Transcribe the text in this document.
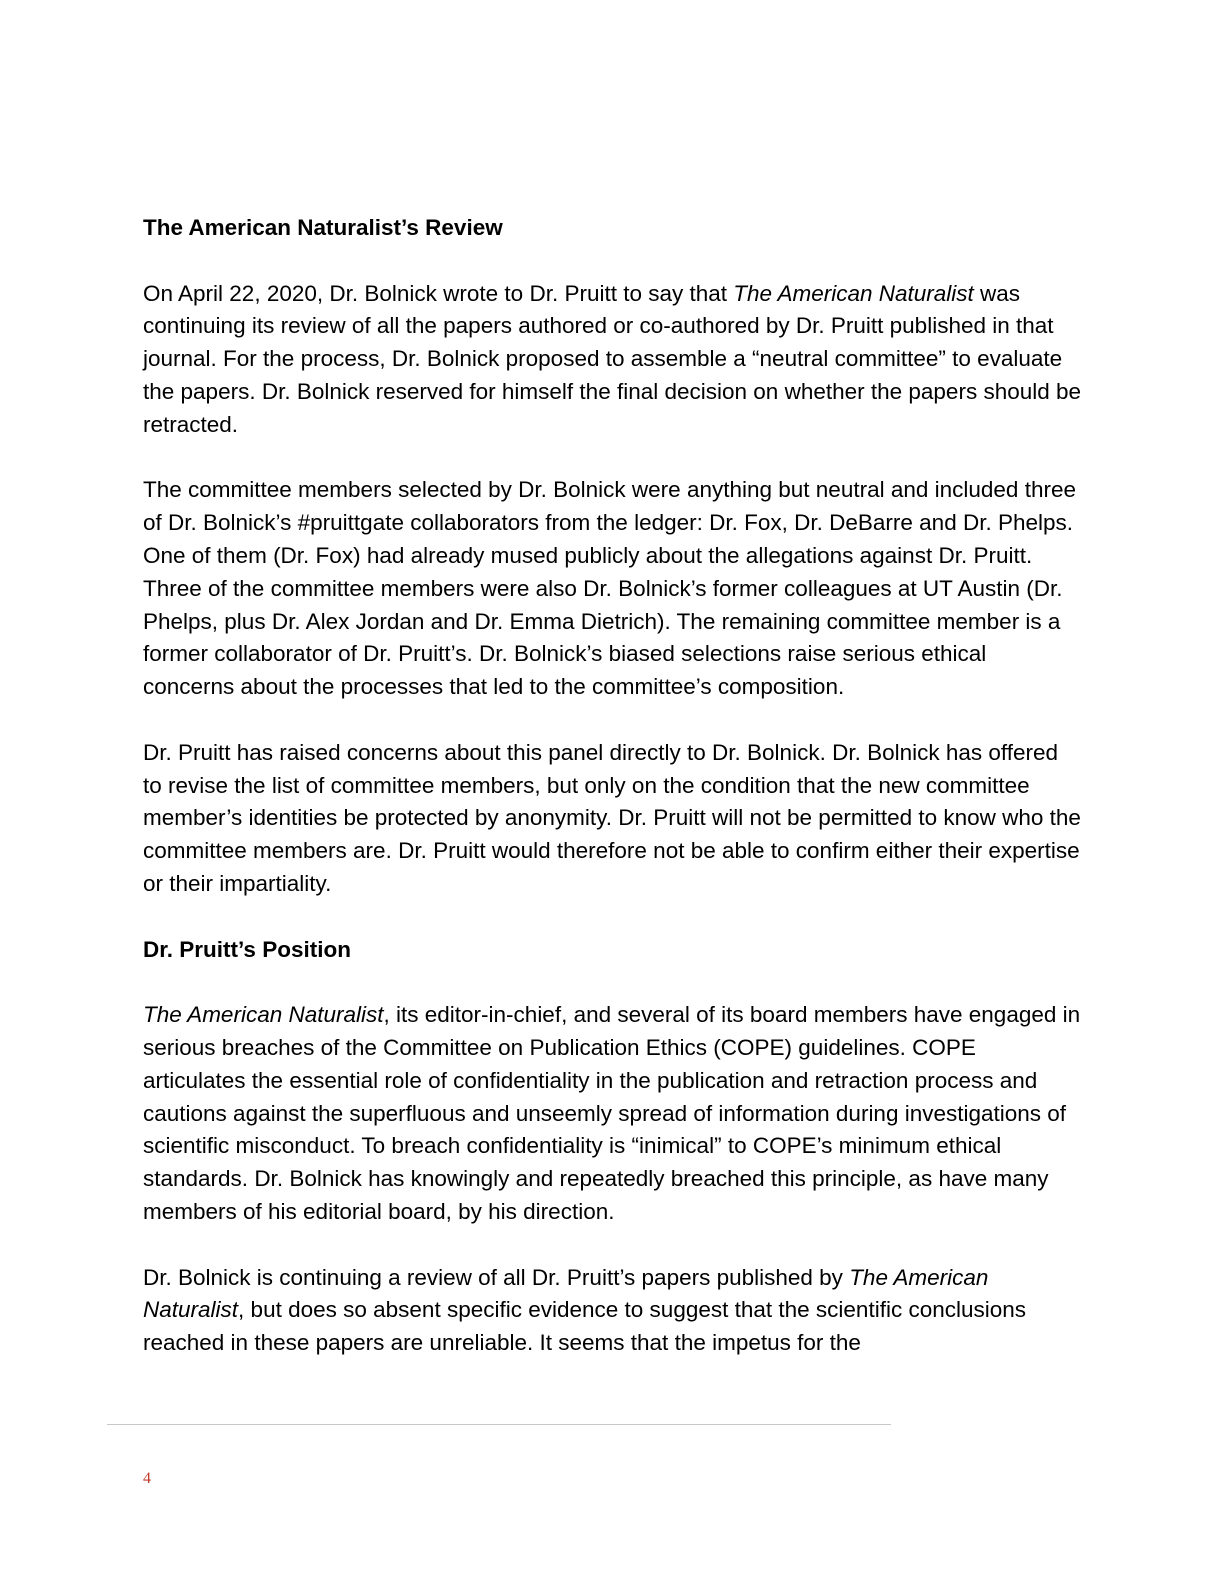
The American Naturalist’s Review

On April 22, 2020, Dr. Bolnick wrote to Dr. Pruitt to say that The American Naturalist was continuing its review of all the papers authored or co-authored by Dr. Pruitt published in that journal. For the process, Dr. Bolnick proposed to assemble a “neutral committee” to evaluate the papers. Dr. Bolnick reserved for himself the final decision on whether the papers should be retracted.

The committee members selected by Dr. Bolnick were anything but neutral and included three of Dr. Bolnick’s #pruittgate collaborators from the ledger: Dr. Fox, Dr. DeBarre and Dr. Phelps. One of them (Dr. Fox) had already mused publicly about the allegations against Dr. Pruitt. Three of the committee members were also Dr. Bolnick’s former colleagues at UT Austin (Dr. Phelps, plus Dr. Alex Jordan and Dr. Emma Dietrich). The remaining committee member is a former collaborator of Dr. Pruitt’s. Dr. Bolnick’s biased selections raise serious ethical concerns about the processes that led to the committee’s composition.

Dr. Pruitt has raised concerns about this panel directly to Dr. Bolnick. Dr. Bolnick has offered to revise the list of committee members, but only on the condition that the new committee member’s identities be protected by anonymity. Dr. Pruitt will not be permitted to know who the committee members are. Dr. Pruitt would therefore not be able to confirm either their expertise or their impartiality.

Dr. Pruitt’s Position

The American Naturalist, its editor-in-chief, and several of its board members have engaged in serious breaches of the Committee on Publication Ethics (COPE) guidelines. COPE articulates the essential role of confidentiality in the publication and retraction process and cautions against the superfluous and unseemly spread of information during investigations of scientific misconduct. To breach confidentiality is “inimical” to COPE’s minimum ethical standards. Dr. Bolnick has knowingly and repeatedly breached this principle, as have many members of his editorial board, by his direction.

Dr. Bolnick is continuing a review of all Dr. Pruitt’s papers published by The American Naturalist, but does so absent specific evidence to suggest that the scientific conclusions reached in these papers are unreliable. It seems that the impetus for the

4
